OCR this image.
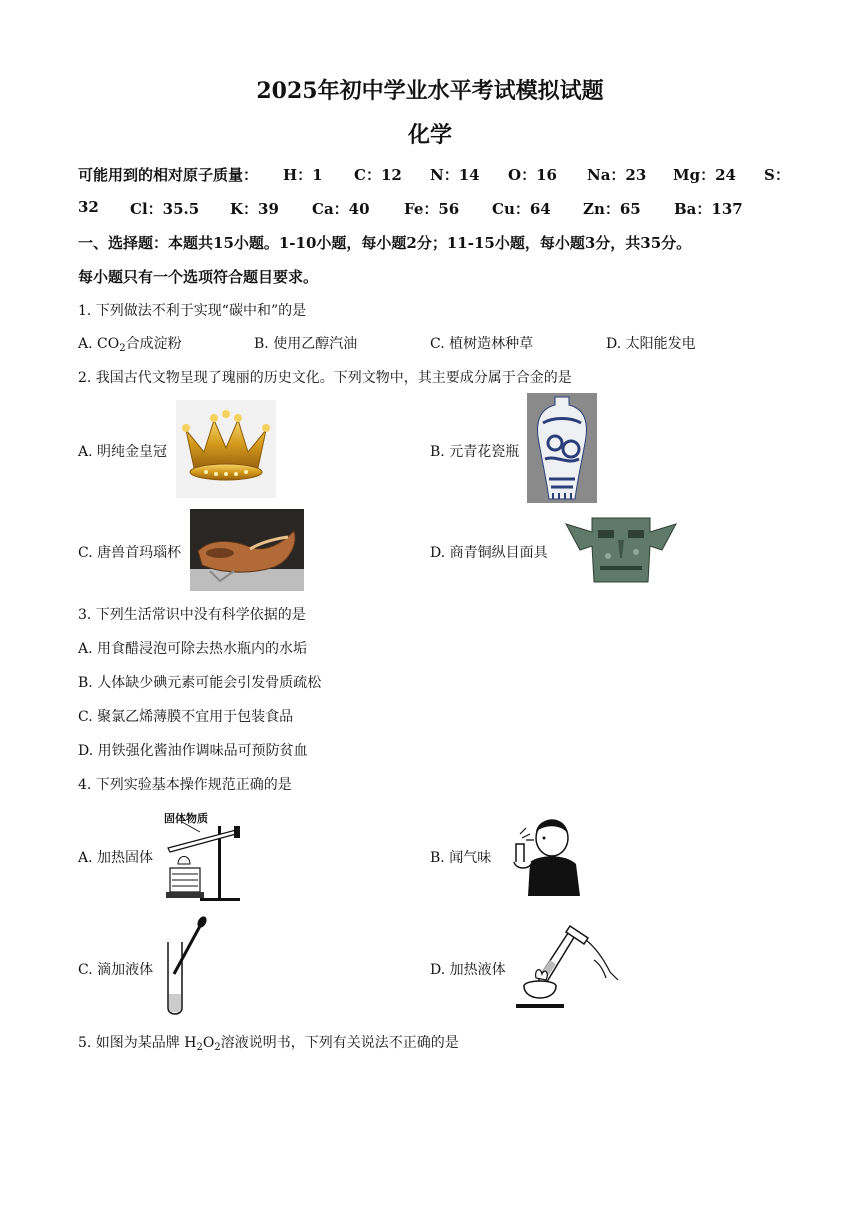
2025年初中学业水平考试模拟试题
化学
可能用到的相对原子质量： H：1 C：12 N：14 O：16 Na：23 Mg：24 S：
32 Cl：35.5 K：39 Ca：40 Fe：56 Cu：64 Zn：65 Ba：137
一、选择题：本题共15小题。1-10小题，每小题2分；11-15小题，每小题3分，共35分。
每小题只有一个选项符合题目要求。
1. 下列做法不利于实现“碳中和”的是
A. $CO_2$合成淀粉	B. 使用乙醇汽油	C. 植树造林种草	D. 太阳能发电
2. 我国古代文物呈现了瑰丽的历史文化。下列文物中，其主要成分属于合金的是
A. 明纯金皇冠	B. 元青花瓷瓶
C. 唐兽首玛瑙杯	D. 商青铜纵目面具
3. 下列生活常识中没有科学依据的是
A. 用食醋浸泡可除去热水瓶内的水垢
B. 人体缺少碘元素可能会引发骨质疏松
C. 聚氯乙烯薄膜不宜用于包装食品
D. 用铁强化酱油作调味品可预防贫血
4. 下列实验基本操作规范正确的是
A. 加热固体
固体物质
B. 闻气味
C. 滴加液体	D. 加热液体
5. 如图为某品牌 $H_2O_2$溶液说明书，下列有关说法不正确的是
